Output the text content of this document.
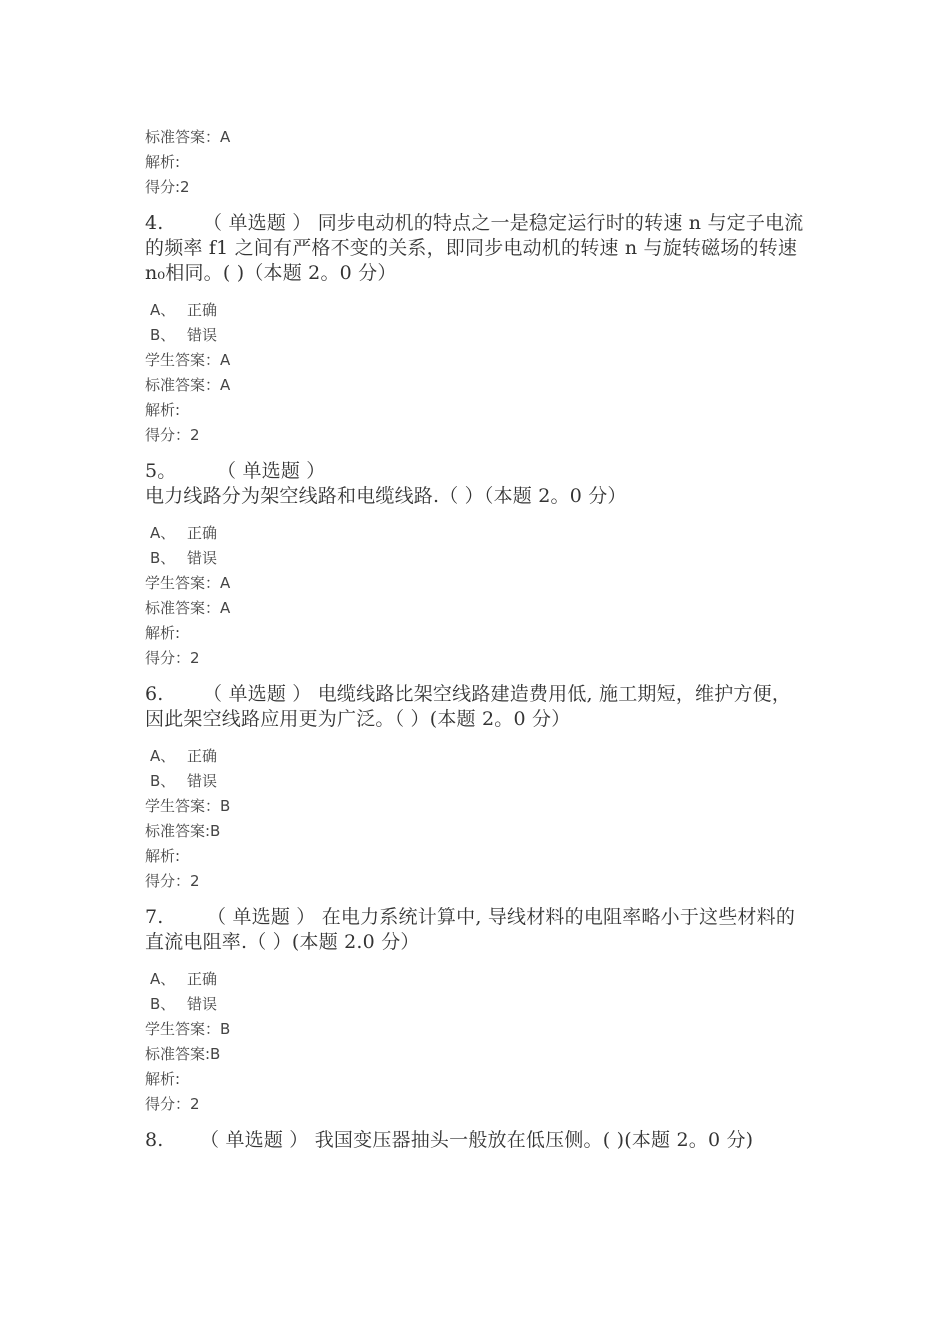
标准答案：A
解析:
得分:2
4. （ 单选题 ） 同步电动机的特点之一是稳定运行时的转速 n 与定子电流的频率 f1 之间有严格不变的关系，即同步电动机的转速 n 与旋转磁场的转速 n₀相同。( )（本题 2。0 分）
A、 正确
B、 错误
学生答案：A
标准答案：A
解析:
得分：2
5。 （ 单选题 ） 电力线路分为架空线路和电缆线路.（ ）（本题 2。0 分）
A、 正确
B、 错误
学生答案：A
标准答案：A
解析:
得分：2
6. （ 单选题 ） 电缆线路比架空线路建造费用低, 施工期短，维护方便，因此架空线路应用更为广泛。（ ）(本题 2。0 分）
A、 正确
B、 错误
学生答案：B
标准答案:B
解析:
得分：2
7. （ 单选题 ） 在电力系统计算中, 导线材料的电阻率略小于这些材料的直流电阻率.（ ）(本题 2.0 分）
A、 正确
B、 错误
学生答案：B
标准答案:B
解析:
得分：2
8. （ 单选题 ） 我国变压器抽头一般放在低压侧。( )(本题 2。0 分)
